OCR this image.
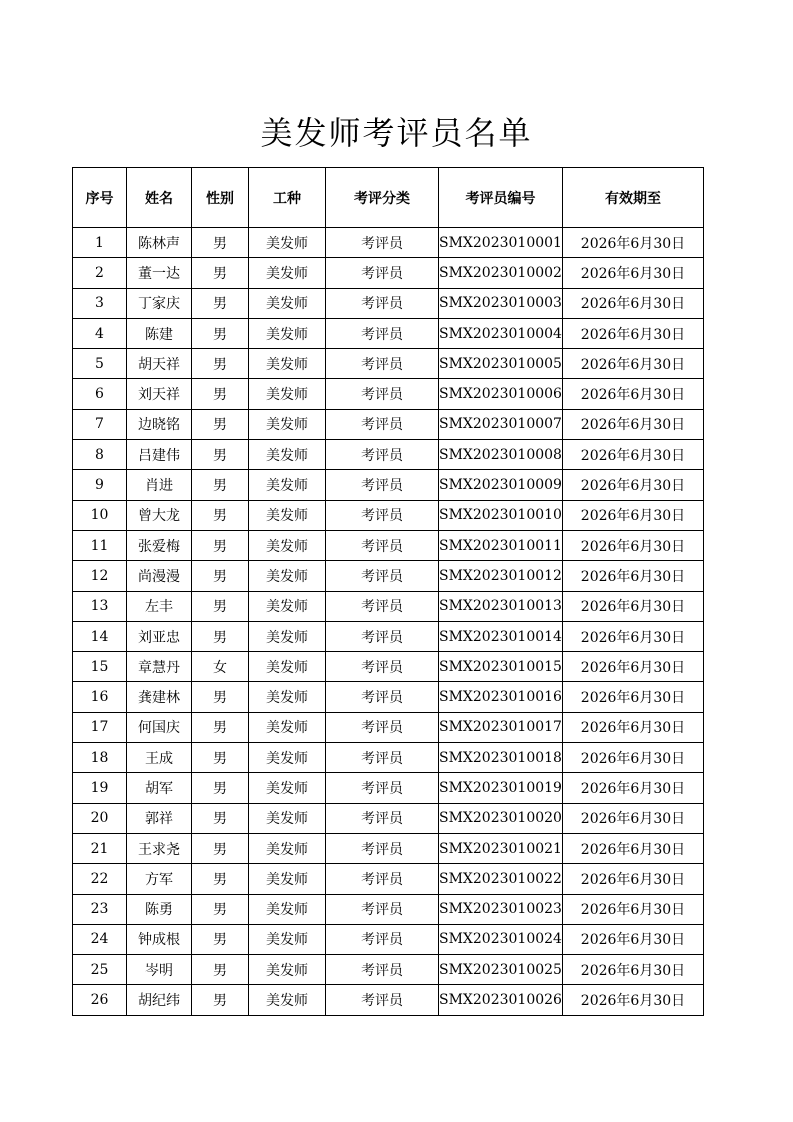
美发师考评员名单
序号	姓名	性别	工种	考评分类	考评员编号	有效期至
1	陈林声	男	美发师	考评员	SMX2023010001	2026年6月30日
2	董一达	男	美发师	考评员	SMX2023010002	2026年6月30日
3	丁家庆	男	美发师	考评员	SMX2023010003	2026年6月30日
4	陈建	男	美发师	考评员	SMX2023010004	2026年6月30日
5	胡天祥	男	美发师	考评员	SMX2023010005	2026年6月30日
6	刘天祥	男	美发师	考评员	SMX2023010006	2026年6月30日
7	边晓铭	男	美发师	考评员	SMX2023010007	2026年6月30日
8	吕建伟	男	美发师	考评员	SMX2023010008	2026年6月30日
9	肖进	男	美发师	考评员	SMX2023010009	2026年6月30日
10	曾大龙	男	美发师	考评员	SMX2023010010	2026年6月30日
11	张爱梅	男	美发师	考评员	SMX2023010011	2026年6月30日
12	尚漫漫	男	美发师	考评员	SMX2023010012	2026年6月30日
13	左丰	男	美发师	考评员	SMX2023010013	2026年6月30日
14	刘亚忠	男	美发师	考评员	SMX2023010014	2026年6月30日
15	章慧丹	女	美发师	考评员	SMX2023010015	2026年6月30日
16	龚建林	男	美发师	考评员	SMX2023010016	2026年6月30日
17	何国庆	男	美发师	考评员	SMX2023010017	2026年6月30日
18	王成	男	美发师	考评员	SMX2023010018	2026年6月30日
19	胡军	男	美发师	考评员	SMX2023010019	2026年6月30日
20	郭祥	男	美发师	考评员	SMX2023010020	2026年6月30日
21	王求尧	男	美发师	考评员	SMX2023010021	2026年6月30日
22	方军	男	美发师	考评员	SMX2023010022	2026年6月30日
23	陈勇	男	美发师	考评员	SMX2023010023	2026年6月30日
24	钟成根	男	美发师	考评员	SMX2023010024	2026年6月30日
25	岑明	男	美发师	考评员	SMX2023010025	2026年6月30日
26	胡纪纬	男	美发师	考评员	SMX2023010026	2026年6月30日
